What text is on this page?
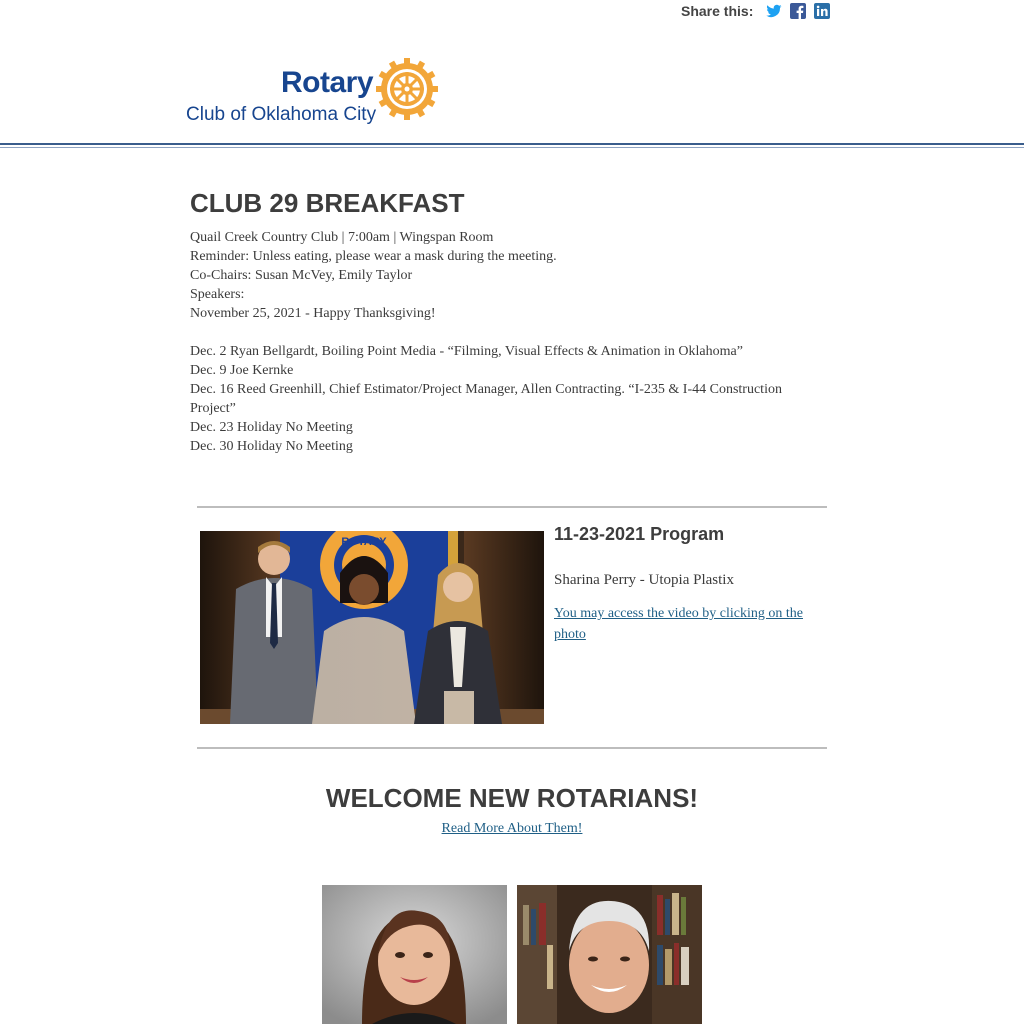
Share this:
Rotary
Club of Oklahoma City
CLUB 29 BREAKFAST
Quail Creek Country Club | 7:00am | Wingspan Room
Reminder: Unless eating, please wear a mask during the meeting.
Co-Chairs: Susan McVey, Emily Taylor
Speakers:
November 25, 2021 - Happy Thanksgiving!
Dec. 2 Ryan Bellgardt, Boiling Point Media - “Filming, Visual Effects & Animation in Oklahoma”
Dec. 9 Joe Kernke
Dec. 16 Reed Greenhill, Chief Estimator/Project Manager, Allen Contracting. “I-235 & I-44 Construction Project”
Dec. 23 Holiday No Meeting
Dec. 30 Holiday No Meeting
ROTARY	11-23-2021 Program
Sharina Perry - Utopia Plastix
You may access the video by clicking on the photo
WELCOME NEW ROTARIANS!
Read More About Them!
